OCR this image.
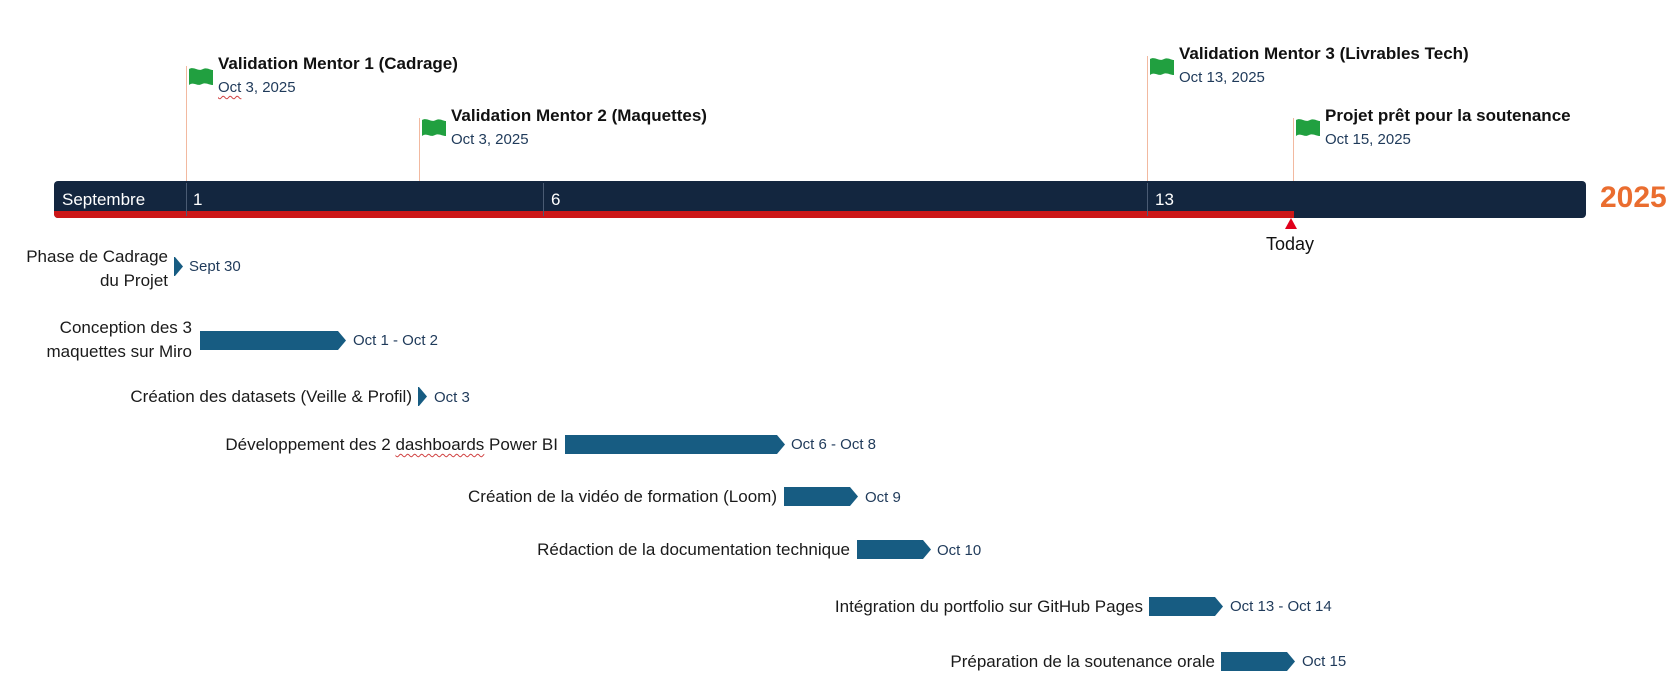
Validation Mentor 1 (Cadrage)
Oct 3, 2025
Validation Mentor 2 (Maquettes)
Oct 3, 2025
Validation Mentor 3 (Livrables Tech)
Oct 13, 2025
Projet prêt pour la soutenance
Oct 15, 2025
Septembre	1	6	13	2025
Today
Phase de Cadrage
du Projet
Sept 30
Conception des 3
maquettes sur Miro
Oct 1 - Oct 2
Création des datasets (Veille & Profil) Oct 3
Développement des 2 dashboards Power BI	Oct 6 - Oct 8
Création de la vidéo de formation (Loom)	Oct 9
Rédaction de la documentation technique	Oct 10
Intégration du portfolio sur GitHub Pages	Oct 13 - Oct 14
Préparation de la soutenance orale	Oct 15
